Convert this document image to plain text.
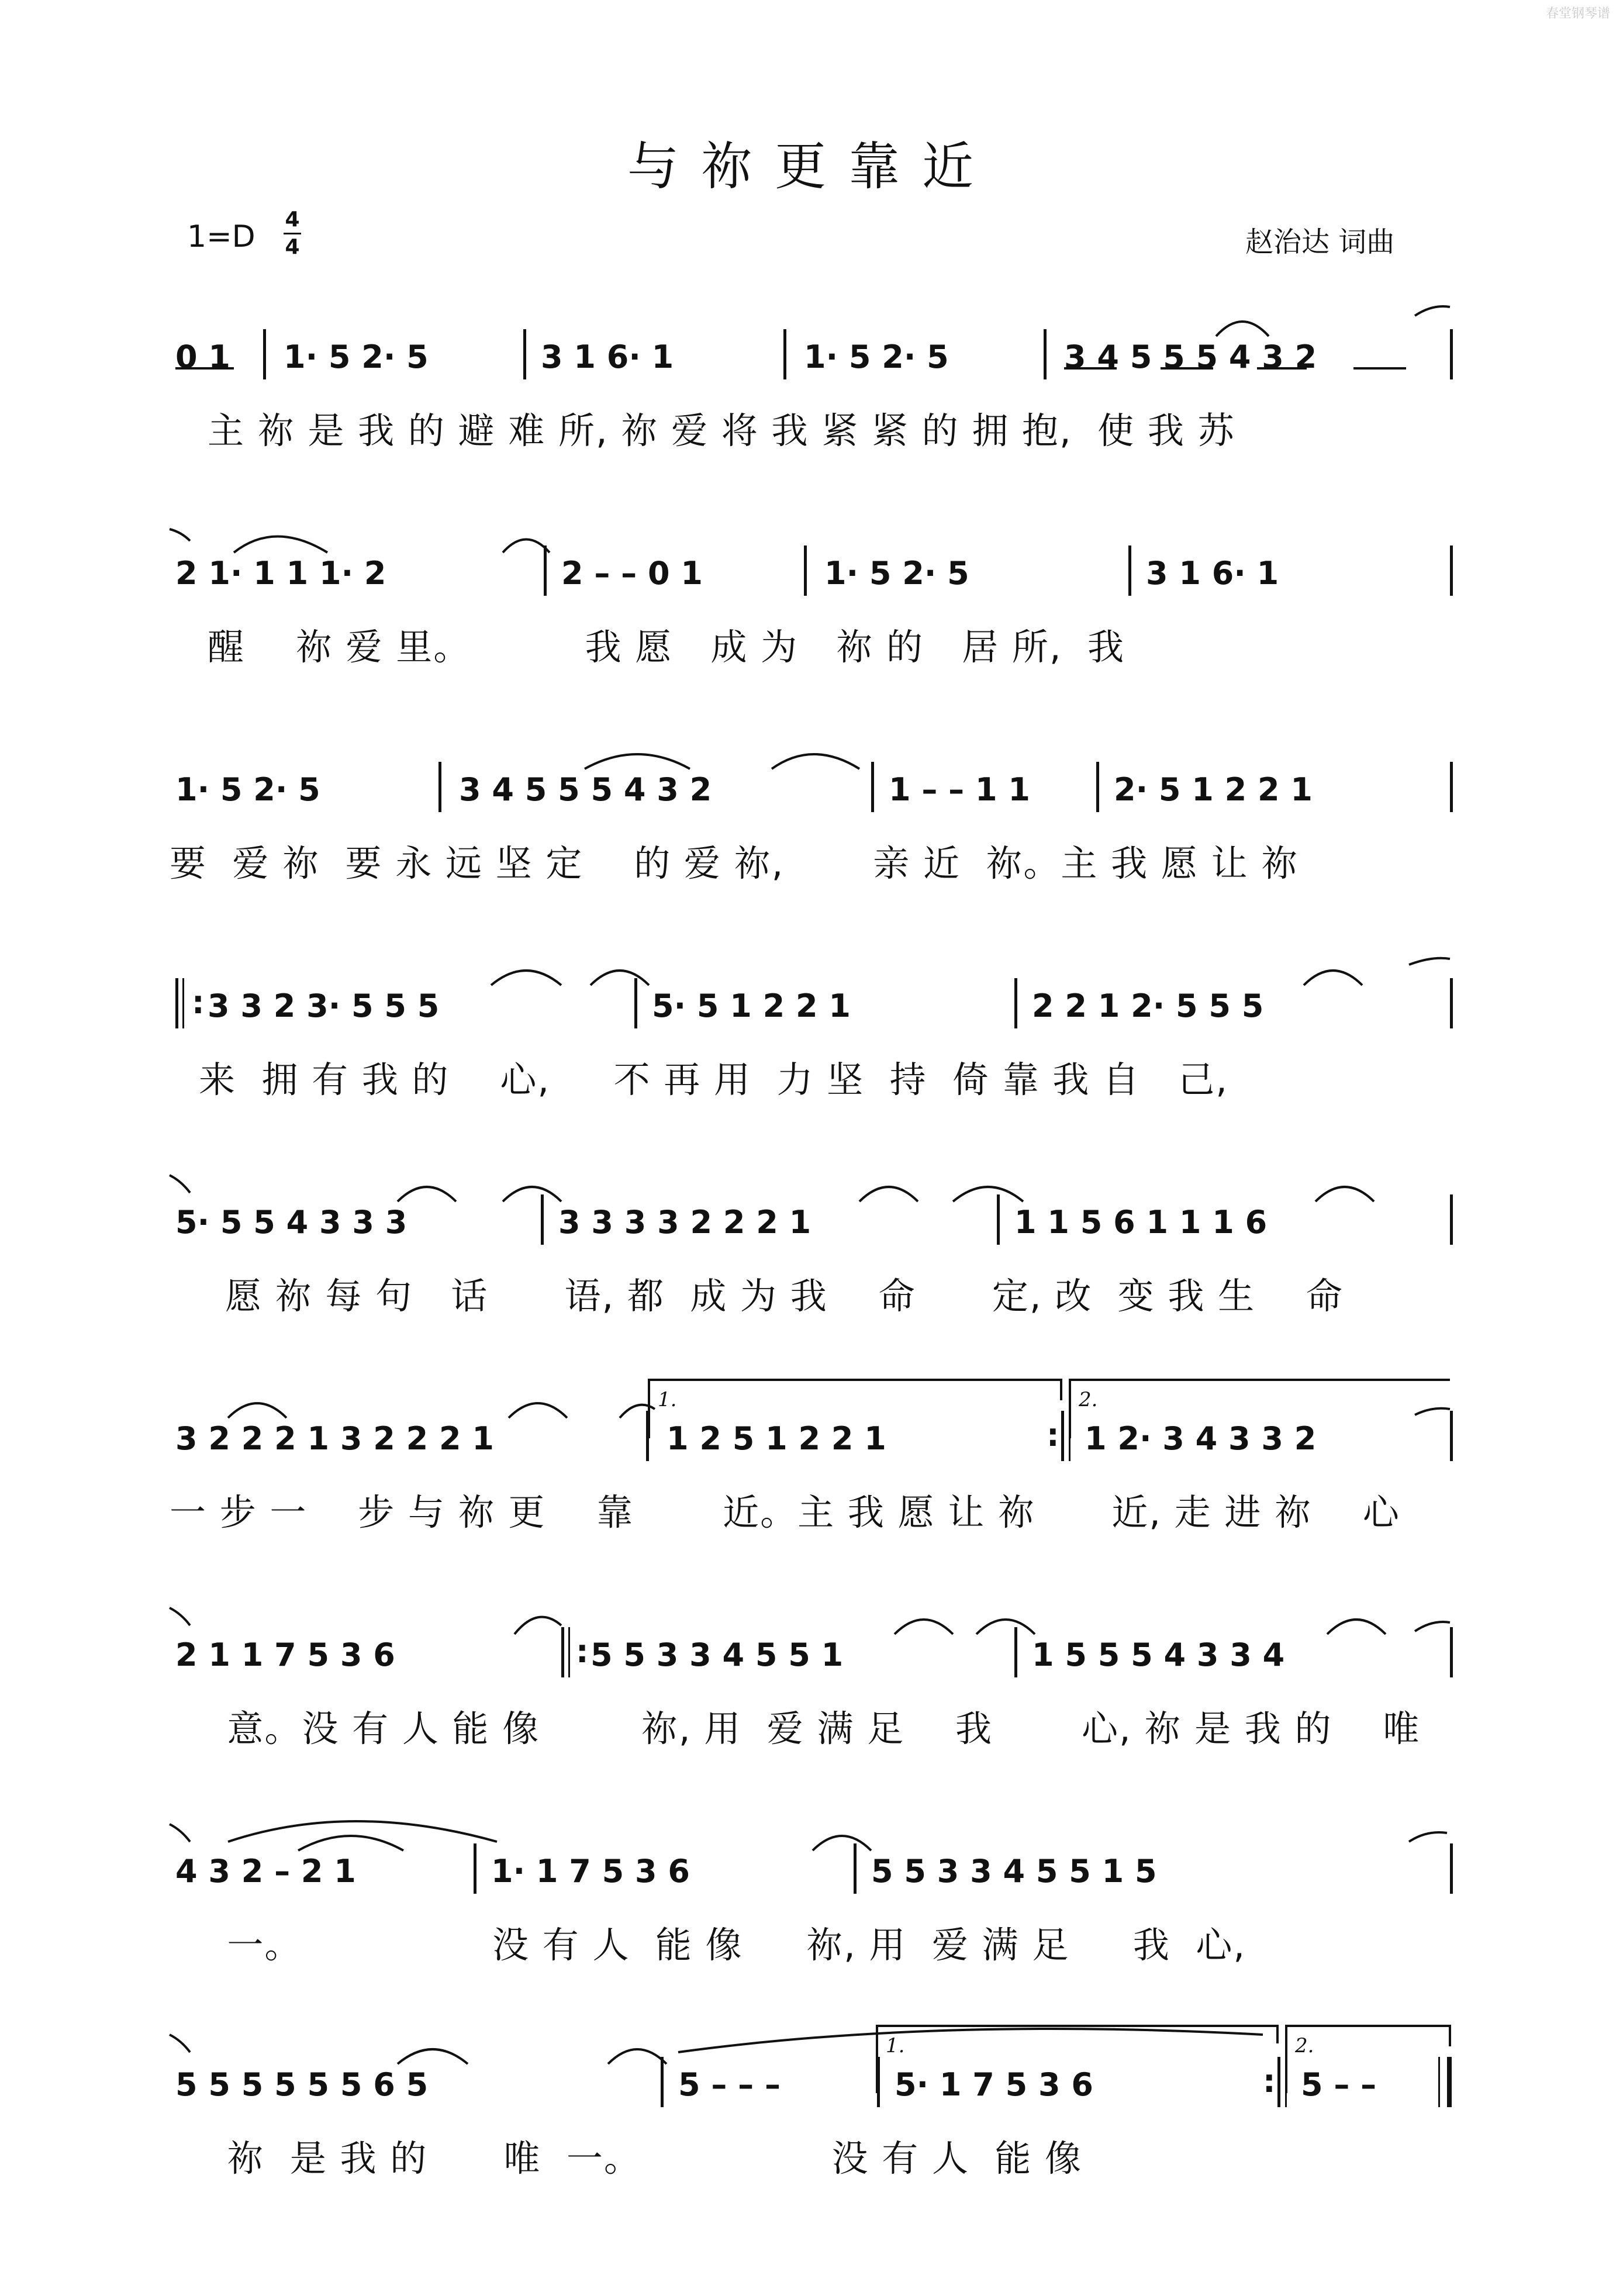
春堂钢琴谱
与祢更靠近
1=D 4
4	赵治达 词曲
0 1 1· 5 2· 5	3 1 6· 1	1· 5 2· 5	3 4 5 5 5 4 3 2
主 祢 是 我 的 避 难 所, 祢 爱 将 我 紧 紧 的 拥 抱,  使 我 苏
2 1· 1 1 1· 2	2 – – 0 1	1· 5 2· 5	3 1 6· 1
醒    祢 爱 里。         我 愿   成 为   祢 的   居 所,  我
1· 5 2· 5	3 4 5 5 5 4 3 2	1 – – 1 1	2· 5 1 2 2 1
要  爱 祢  要 永 远 坚 定    的 爱 祢,       亲 近  祢。主 我 愿 让 祢
: 3 3 2 3· 5 5 5	5· 5 1 2 2 1	2 2 1 2· 5 5 5
来  拥 有 我 的    心,     不 再 用  力 坚  持  倚 靠 我 自   己,
5· 5 5 4 3 3 3	3 3 3 3 2 2 2 1	1 1 5 6 1 1 1 6
愿 祢 每 句   话      语, 都  成 为 我    命      定, 改  变 我 生    命
3 2 2 2 1 3 2 2 2 1	1 2 5 1 2 2 1	: 1 2· 3 4 3 3 2
一 步 一    步 与 祢 更    靠       近。主 我 愿 让 祢      近, 走 进 祢    心
2 1 1 7 5 3 6	: 5 5 3 3 4 5 5 1	1 5 5 5 4 3 3 4
意。没 有 人 能 像        祢, 用  爱 满 足    我       心, 祢 是 我 的    唯
4 3 2 – 2 1	1· 1 7 5 3 6	5 5 3 3 4 5 5 1 5
一。               没 有 人  能 像     祢, 用  爱 满 足     我  心,
5 5 5 5 5 5 6 5	5 – – –	5· 1 7 5 3 6	: 5 – –
祢  是 我 的      唯  一。               没 有 人  能 像
1.	2.
1.	2.
